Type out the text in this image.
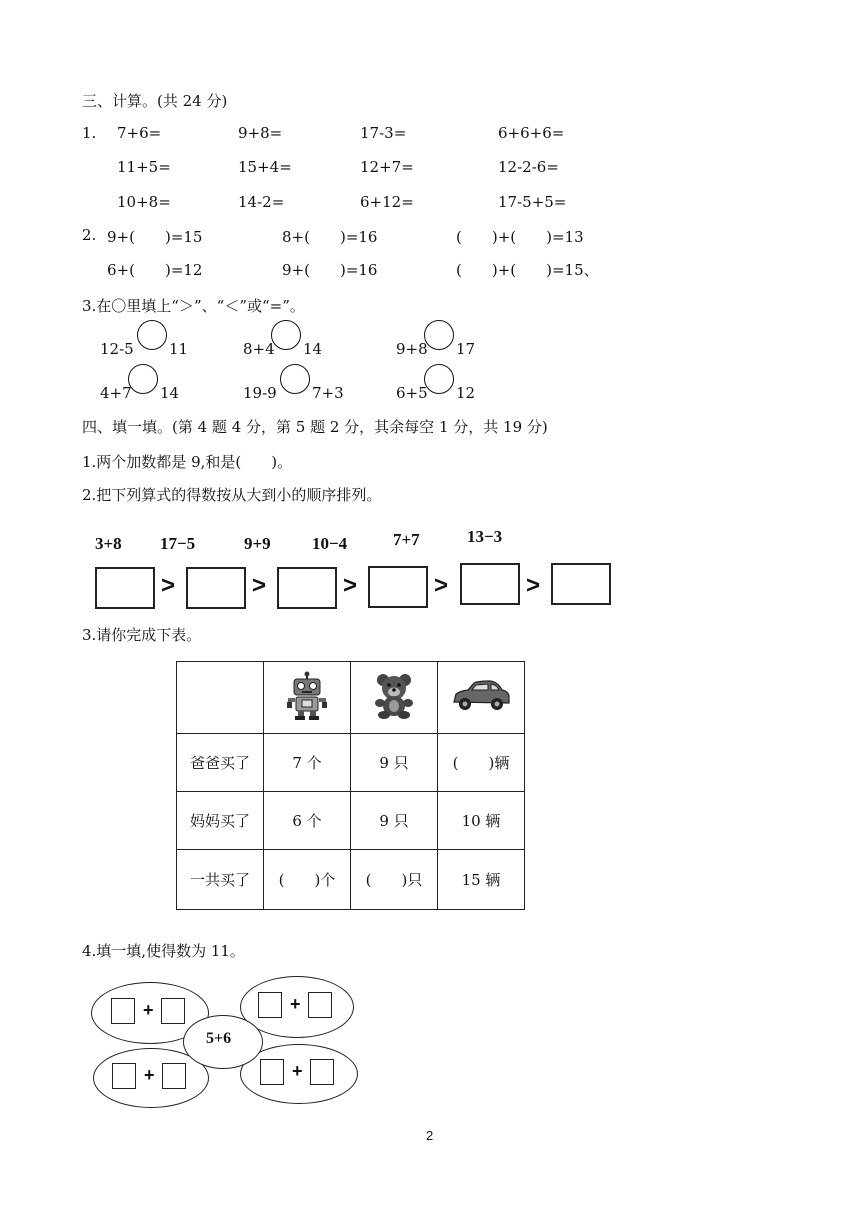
三、计算。(共 24 分)
1. 7+6=	9+8=	17-3=	6+6+6=
11+5=	15+4=	12+7=	12-2-6=
10+8=	14-2=	6+12=	17-5+5=
2. 9+(　　)=15	8+(　　)=16	(　　)+(　　)=13
6+(　　)=12	9+(　　)=16	(　　)+(　　)=15、
3.在〇里填上“＞”、“＜”或“=”。
12-5 11	8+4 14	9+8 17
4+7 14	19-9 7+3	6+5 12
四、填一填。(第 4 题 4 分，第 5 题 2 分，其余每空 1 分，共 19 分)
1.两个加数都是 9,和是(　　)。
2.把下列算式的得数按从大到小的顺序排列。
3+8 17−5	9+9 10−4	7+7	13−3
>	>	>	>	>
3.请你完成下表。

爸爸买了	7 个	9 只	(　　)辆
妈妈买了	6 个	9 只	10 辆
一共买了	(　　)个	(　　)只	15 辆
4.填一填,使得数为 11。
+	+
+	+
5+6
2
